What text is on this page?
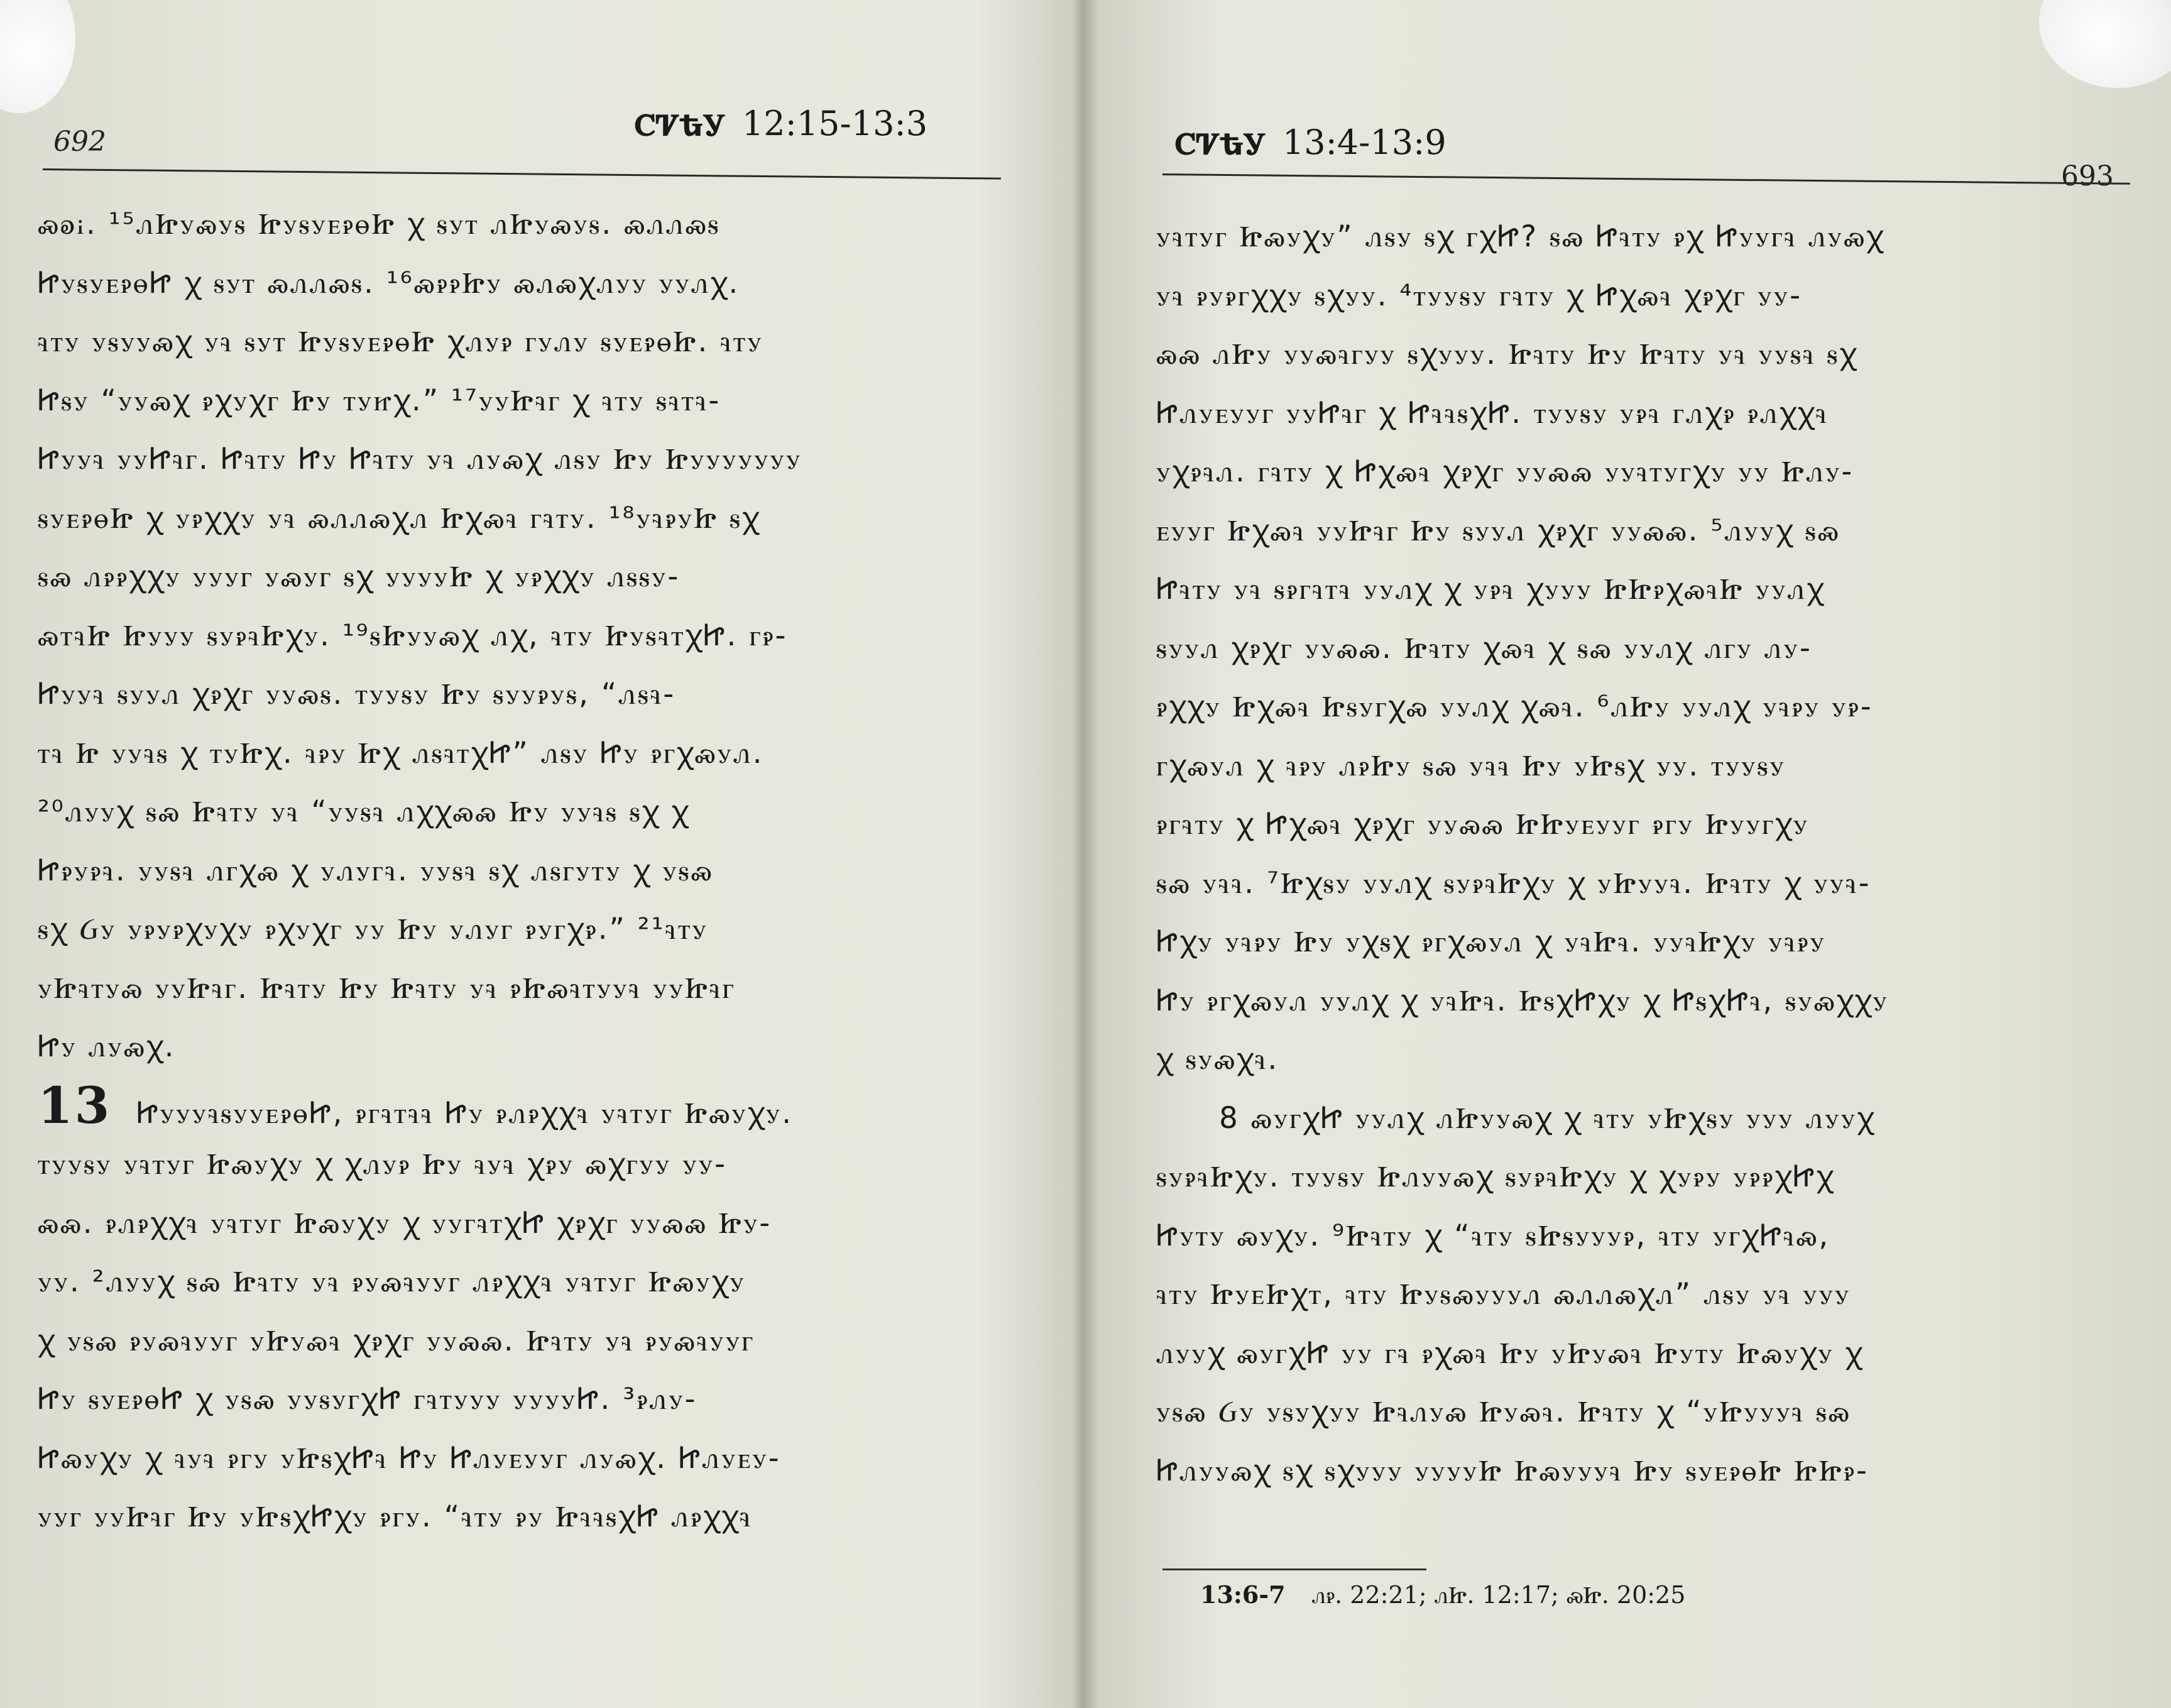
692	ꮯꮴꮏꭹ 12:15-13:3
ꮝꭷꭵ. ¹⁵ꮑᏥꭹꮝꭹꭶ ᏥꭹꭶꭹꭼꭾꮎᏥ ꭓ ꭶꭹꭲ ꮑᏥꭹꮝꭹꭶ. ꮝꮑꮑꮝꭶ
ᏥꭹꭶꭹꭼꭾꮎᏥ ꭓ ꭶꭹꭲ ꮝꮑꮑꮝꭶ. ¹⁶ꮝꭾꭾᏥꭹ ꮝꮑꮝꭓꮑꭹꭹ ꭹꭹꮑꭓ.
ꮈꭲꭹ ꭹꭶꭹꭹꮝꭓ ꭹꮈ ꭶꭹꭲ ᏥꭹꭶꭹꭼꭾꮎᏥ ꭓꮑꭹꭾ ꮁꭹꮑꭹ ꭶꭹꭼꭾꮎᏥ. ꮈꭲꭹ
Ꮵꭶꭹ “ꭹꭹꮝꭓ ꭾꭓꭹꭓꮁ Ꮵꭹ ꭲꭹꮵꭓ.” ¹⁷ꭹꭹᏥꮈꮁ ꭓ ꮈꭲꭹ ꭶꮈꭲꮈ-
Ꮵꭹꭹꮈ ꭹꭹᏥꮈꮁ. Ꮵꮈꭲꭹ Ꮵꭹ Ꮵꮈꭲꭹ ꭹꮈ ꮑꭹꮝꭓ ꮑꭶꭹ Ꮵꭹ Ꮵꭹꭹꭹꭹꭹꭹꭹ
ꭶꭹꭼꭾꮎᏥ ꭓ ꭹꭾꭓꭓꭹ ꭹꮈ ꮝꮑꮑꮝꭓꮑ Ꮵꭓꮝꮈ ꮁꮈꭲꭹ. ¹⁸ꭹꮈꭾꭹᏥ ꭶꭓ
ꭶꮝ ꮑꭾꭾꭓꭓꭹ ꭹꭹꭹꮁ ꭹꮝꭹꮁ ꭶꭓ ꭹꭹꭹꭹᏥ ꭓ ꭹꭾꭓꭓꭹ ꮑꭶꭶꭹ-
ꮝꭲꮈᏥ Ꮵꭹꭹꭹ ꭶꭹꭾꮈᏥꭓꭹ. ¹⁹ꭶᏥꭹꭹꮝꭓ ꮑꭓ, ꮈꭲꭹ ᏥꭹꭶꮈꭲꭓᏥ. ꮁꭾ-
Ꮵꭹꭹꮈ ꭶꭹꭹꮑ ꭓꭾꭓꮁ ꭹꭹꮝꭶ. ꭲꭹꭹꭶꭹ Ꮵꭹ ꭶꭹꭹꭾꭹꭶ, “ꮑꭶꮈ-
ꭲꮈ Ꮵ ꭹꭹꮈꭶ ꭓ ꭲꭹᏥꭓ. ꮈꭾꭹ Ꮵꭓ ꮑꭶꮈꭲꭓᏥ” ꮑꭶꭹ Ꮵꭹ ꭾꮁꭓꮝꭹꮑ.
²⁰ꮑꭹꭹꭓ ꭶꮝ Ꮵꮈꭲꭹ ꭹꮈ “ꭹꭹꭶꮈ ꮑꭓꭓꮝꮝ Ꮵꭹ ꭹꭹꮈꭶ ꭶꭓ ꭓ
Ꮵꭾꭹꭾꮈ. ꭹꭹꭶꮈ ꮑꮁꭓꮝ ꭓ ꭹꮑꭹꮁꮈ. ꭹꭹꭶꮈ ꭶꭓ ꮑꭶꮁꭹꭲꭹ ꭓ ꭹꭶꮝ
ꭶꭓ Ᏽꭹ ꭹꭾꭹꭾꭓꭹꭓꭹ ꭾꭓꭹꭓꮁ ꭹꭹ Ꮵꭹ ꭹꮑꭹꮁ ꭾꭹꮁꭓꭾ.” ²¹ꮈꭲꭹ
ꭹᏥꮈꭲꭹꮝ ꭹꭹᏥꮈꮁ. Ꮵꮈꭲꭹ Ꮵꭹ Ꮵꮈꭲꭹ ꭹꮈ ꭾᏥꮝꮈꭲꭹꭹꮈ ꭹꭹᏥꮈꮁ
Ꮵꭹ ꮑꭹꮝꭓ.
13 ᏥꭹꭹꭹꮈꭶꭹꭹꭼꭾꮎᏥ, ꭾꮁꮈꭲꮈꮈ Ꮵꭹ ꭾꮑꭾꭓꭓꮈ ꭹꮈꭲꭹꮁ Ꮵꮝꭹꭓꭹ.
ꭲꭹꭹꭶꭹ ꭹꮈꭲꭹꮁ Ꮵꮝꭹꭓꭹ ꭓ ꭓꮑꭹꭾ Ꮵꭹ ꮈꭹꮈ ꭓꭾꭹ ꮝꭓꮁꭹꭹ ꭹꭹ-
ꮝꮝ. ꭾꮑꭾꭓꭓꮈ ꭹꮈꭲꭹꮁ Ꮵꮝꭹꭓꭹ ꭓ ꭹꭹꮁꮈꭲꭓᏥ ꭓꭾꭓꮁ ꭹꭹꮝꮝ Ꮵꭹ-
ꭹꭹ. ²ꮑꭹꭹꭓ ꭶꮝ Ꮵꮈꭲꭹ ꭹꮈ ꭾꭹꮝꮈꭹꭹꮁ ꮑꭾꭓꭓꮈ ꭹꮈꭲꭹꮁ Ꮵꮝꭹꭓꭹ
ꭓ ꭹꭶꮝ ꭾꭹꮝꮈꭹꭹꮁ ꭹᏥꭹꮝꮈ ꭓꭾꭓꮁ ꭹꭹꮝꮝ. Ꮵꮈꭲꭹ ꭹꮈ ꭾꭹꮝꮈꭹꭹꮁ
Ꮵꭹ ꭶꭹꭼꭾꮎᏥ ꭓ ꭹꭶꮝ ꭹꭹꭶꭹꮁꭓᏥ ꮁꮈꭲꭹꭹꭹ ꭹꭹꭹꭹᏥ. ³ꭾꮑꭹ-
Ꮵꮝꭹꭓꭹ ꭓ ꮈꭹꮈ ꭾꮁꭹ ꭹᏥꭶꭓᏥꮈ Ꮵꭹ Ꮵꮑꭹꭼꭹꭹꮁ ꮑꭹꮝꭓ. Ꮵꮑꭹꭼꭹ-
ꭹꭹꮁ ꭹꭹᏥꮈꮁ Ꮵꭹ ꭹᏥꭶꭓᏥꭓꭹ ꭾꮁꭹ. “ꮈꭲꭹ ꭾꭹ ᏥꮈꮈꭶꭓᏥ ꮑꭾꭓꭓꮈ
ꮯꮴꮏꭹ 13:4-13:9
693
ꭹꮈꭲꭹꮁ Ꮵꮝꭹꭓꭹ” ꮑꭶꭹ ꭶꭓ ꮁꭓᏥ? ꭶꮝ Ꮵꮈꭲꭹ ꭾꭓ Ꮵꭹꭹꮁꮈ ꮑꭹꮝꭓ
ꭹꮈ ꭾꭹꭾꮁꭓꭓꭹ ꭶꭓꭹꭹ. ⁴ꭲꭹꭹꭶꭹ ꮁꮈꭲꭹ ꭓ Ꮵꭓꮝꮈ ꭓꭾꭓꮁ ꭹꭹ-
ꮝꮝ ꮑᏥꭹ ꭹꭹꮝꮈꮁꭹꭹ ꭶꭓꭹꭹꭹ. Ꮵꮈꭲꭹ Ꮵꭹ Ꮵꮈꭲꭹ ꭹꮈ ꭹꭹꭶꮈ ꭶꭓ
Ꮵꮑꭹꭼꭹꭹꮁ ꭹꭹᏥꮈꮁ ꭓ ᏥꮈꮈꭶꭓᏥ. ꭲꭹꭹꭶꭹ ꭹꭾꮈ ꮁꮑꭓꭾ ꭾꮑꭓꭓꮈ
ꭹꭓꭾꮈꮑ. ꮁꮈꭲꭹ ꭓ Ꮵꭓꮝꮈ ꭓꭾꭓꮁ ꭹꭹꮝꮝ ꭹꭹꮈꭲꭹꮁꭓꭹ ꭹꭹ Ꮵꮑꭹ-
ꭼꭹꭹꮁ Ꮵꭓꮝꮈ ꭹꭹᏥꮈꮁ Ꮵꭹ ꭶꭹꭹꮑ ꭓꭾꭓꮁ ꭹꭹꮝꮝ. ⁵ꮑꭹꭹꭓ ꭶꮝ
Ꮵꮈꭲꭹ ꭹꮈ ꭶꭾꮁꮈꭲꮈ ꭹꭹꮑꭓ ꭓ ꭹꭾꮈ ꭓꭹꭹꭹ ᏥᏥꭾꭓꮝꮈᏥ ꭹꭹꮑꭓ
ꭶꭹꭹꮑ ꭓꭾꭓꮁ ꭹꭹꮝꮝ. Ꮵꮈꭲꭹ ꭓꮝꮈ ꭓ ꭶꮝ ꭹꭹꮑꭓ ꮑꮁꭹ ꮑꭹ-
ꭾꭓꭓꭹ Ꮵꭓꮝꮈ Ꮵꭶꭹꮁꭓꮝ ꭹꭹꮑꭓ ꭓꮝꮈ. ⁶ꮑᏥꭹ ꭹꭹꮑꭓ ꭹꮈꭾꭹ ꭹꭾ-
ꮁꭓꮝꭹꮑ ꭓ ꮈꭾꭹ ꮑꭾᏥꭹ ꭶꮝ ꭹꮈꮈ Ꮵꭹ ꭹᏥꭶꭓ ꭹꭹ. ꭲꭹꭹꭶꭹ
ꭾꮁꮈꭲꭹ ꭓ Ꮵꭓꮝꮈ ꭓꭾꭓꮁ ꭹꭹꮝꮝ ᏥᏥꭹꭼꭹꭹꮁ ꭾꮁꭹ Ꮵꭹꭹꮁꭓꭹ
ꭶꮝ ꭹꮈꮈ. ⁷Ꮵꭓꭶꭹ ꭹꭹꮑꭓ ꭶꭹꭾꮈᏥꭓꭹ ꭓ ꭹᏥꭹꭹꮈ. Ꮵꮈꭲꭹ ꭓ ꭹꭹꮈ-
Ꮵꭓꭹ ꭹꮈꭾꭹ Ꮵꭹ ꭹꭓꭶꭓ ꭾꮁꭓꮝꭹꮑ ꭓ ꭹꮈᏥꮈ. ꭹꭹꮈᏥꭓꭹ ꭹꮈꭾꭹ
Ꮵꭹ ꭾꮁꭓꮝꭹꮑ ꭹꭹꮑꭓ ꭓ ꭹꮈᏥꮈ. ᏥꭶꭓᏥꭓꭹ ꭓ ᏥꭶꭓᏥꮈ, ꭶꭹꮝꭓꭓꭹ
ꭓ ꭶꭹꮝꭓꮈ.
8 ꮝꭹꮁꭓᏥ ꭹꭹꮑꭓ ꮑᏥꭹꭹꮝꭓ ꭓ ꮈꭲꭹ ꭹᏥꭓꭶꭹ ꭹꭹꭹ ꮑꭹꭹꭓ
ꭶꭹꭾꮈᏥꭓꭹ. ꭲꭹꭹꭶꭹ Ꮵꮑꭹꭹꮝꭓ ꭶꭹꭾꮈᏥꭓꭹ ꭓ ꭓꭹꭾꭹ ꭹꭾꭾꭓᏥꭓ
Ꮵꭹꭲꭹ ꮝꭹꭓꭹ. ⁹Ꮵꮈꭲꭹ ꭓ “ꮈꭲꭹ ꭶᏥꭶꭹꭹꭹꭾ, ꮈꭲꭹ ꭹꮁꭓᏥꮈꮝ,
ꮈꭲꭹ ᏥꭹꭼᏥꭓꭲ, ꮈꭲꭹ Ꮵꭹꭶꮝꭹꭹꭹꮑ ꮝꮑꮑꮝꭓꮑ” ꮑꭶꭹ ꭹꮈ ꭹꭹꭹ
ꮑꭹꭹꭓ ꮝꭹꮁꭓᏥ ꭹꭹ ꮁꮈ ꭾꭓꮝꮈ Ꮵꭹ ꭹᏥꭹꮝꮈ Ꮵꭹꭲꭹ Ꮵꮝꭹꭓꭹ ꭓ
ꭹꭶꮝ Ᏽꭹ ꭹꭶꭹꭓꭹꭹ Ꮵꮈꮑꭹꮝ Ꮵꭹꮝꮈ. Ꮵꮈꭲꭹ ꭓ “ꭹᏥꭹꭹꭹꮈ ꭶꮝ
Ꮵꮑꭹꭹꮝꭓ ꭶꭓ ꭶꭓꭹꭹꭹ ꭹꭹꭹꭹᏥ Ꮵꮝꭹꭹꭹꮈ Ꮵꭹ ꭶꭹꭼꭾꮎᏥ ᏥᏥꭾ-
13:6-7 ꮑꭾ. 22:21; ꮑᏥ. 12:17; ꮝᏥ. 20:25
